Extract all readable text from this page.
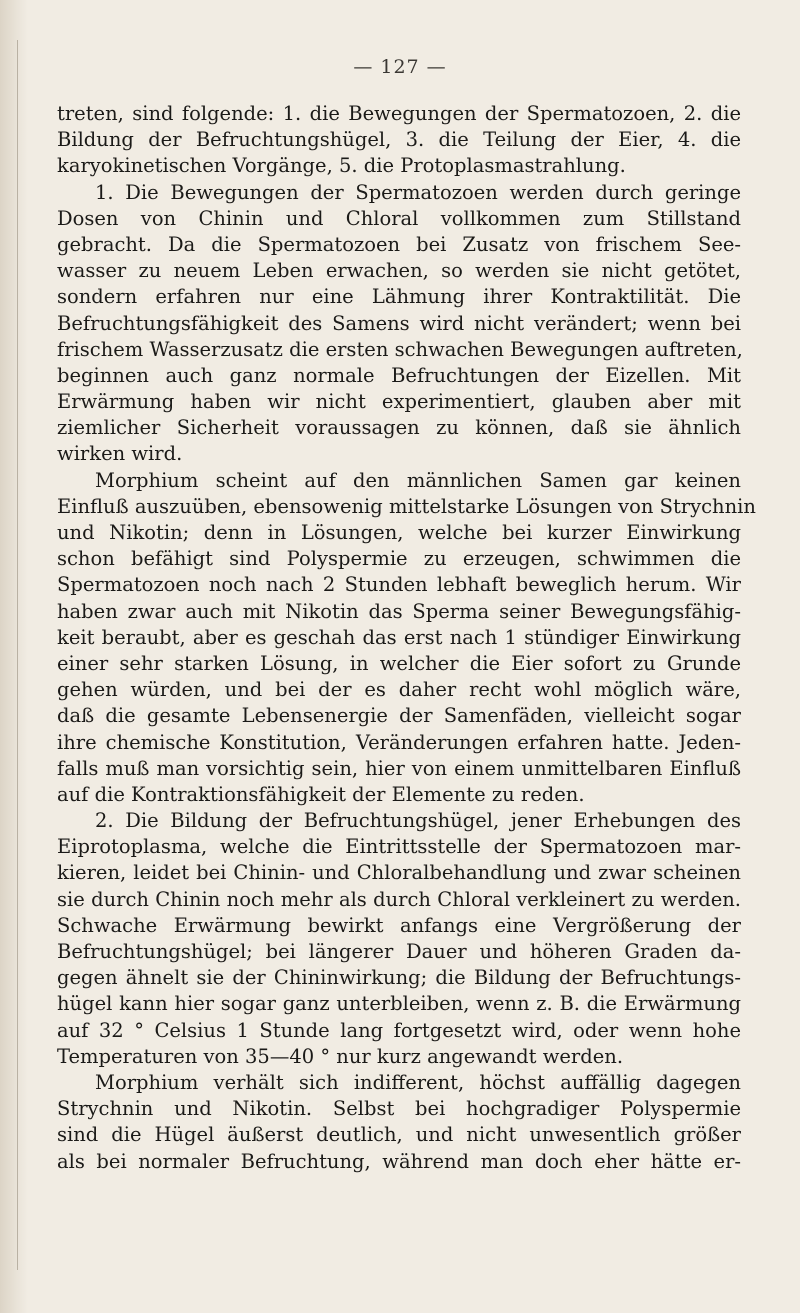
— 127 —
treten, sind folgende: 1. die Bewegungen der Spermatozoen, 2. die
Bildung der Befruchtungshügel, 3. die Teilung der Eier, 4. die
karyokinetischen Vorgänge, 5. die Protoplasmastrahlung.
1. Die Bewegungen der Spermatozoen werden durch geringe
Dosen von Chinin und Chloral vollkommen zum Stillstand
gebracht. Da die Spermatozoen bei Zusatz von frischem See-
wasser zu neuem Leben erwachen, so werden sie nicht getötet,
sondern erfahren nur eine Lähmung ihrer Kontraktilität. Die
Befruchtungsfähigkeit des Samens wird nicht verändert; wenn bei
frischem Wasserzusatz die ersten schwachen Bewegungen auftreten,
beginnen auch ganz normale Befruchtungen der Eizellen. Mit
Erwärmung haben wir nicht experimentiert, glauben aber mit
ziemlicher Sicherheit voraussagen zu können, daß sie ähnlich
wirken wird.
Morphium scheint auf den männlichen Samen gar keinen
Einfluß auszuüben, ebensowenig mittelstarke Lösungen von Strychnin
und Nikotin; denn in Lösungen, welche bei kurzer Einwirkung
schon befähigt sind Polyspermie zu erzeugen, schwimmen die
Spermatozoen noch nach 2 Stunden lebhaft beweglich herum. Wir
haben zwar auch mit Nikotin das Sperma seiner Bewegungsfähig-
keit beraubt, aber es geschah das erst nach 1 stündiger Einwirkung
einer sehr starken Lösung, in welcher die Eier sofort zu Grunde
gehen würden, und bei der es daher recht wohl möglich wäre,
daß die gesamte Lebensenergie der Samenfäden, vielleicht sogar
ihre chemische Konstitution, Veränderungen erfahren hatte. Jeden-
falls muß man vorsichtig sein, hier von einem unmittelbaren Einfluß
auf die Kontraktionsfähigkeit der Elemente zu reden.
2. Die Bildung der Befruchtungshügel, jener Erhebungen des
Eiprotoplasma, welche die Eintrittsstelle der Spermatozoen mar-
kieren, leidet bei Chinin- und Chloralbehandlung und zwar scheinen
sie durch Chinin noch mehr als durch Chloral verkleinert zu werden.
Schwache Erwärmung bewirkt anfangs eine Vergrößerung der
Befruchtungshügel; bei längerer Dauer und höheren Graden da-
gegen ähnelt sie der Chininwirkung; die Bildung der Befruchtungs-
hügel kann hier sogar ganz unterbleiben, wenn z. B. die Erwärmung
auf 32 ° Celsius 1 Stunde lang fortgesetzt wird, oder wenn hohe
Temperaturen von 35—40 ° nur kurz angewandt werden.
Morphium verhält sich indifferent, höchst auffällig dagegen
Strychnin und Nikotin. Selbst bei hochgradiger Polyspermie
sind die Hügel äußerst deutlich, und nicht unwesentlich größer
als bei normaler Befruchtung, während man doch eher hätte er-
